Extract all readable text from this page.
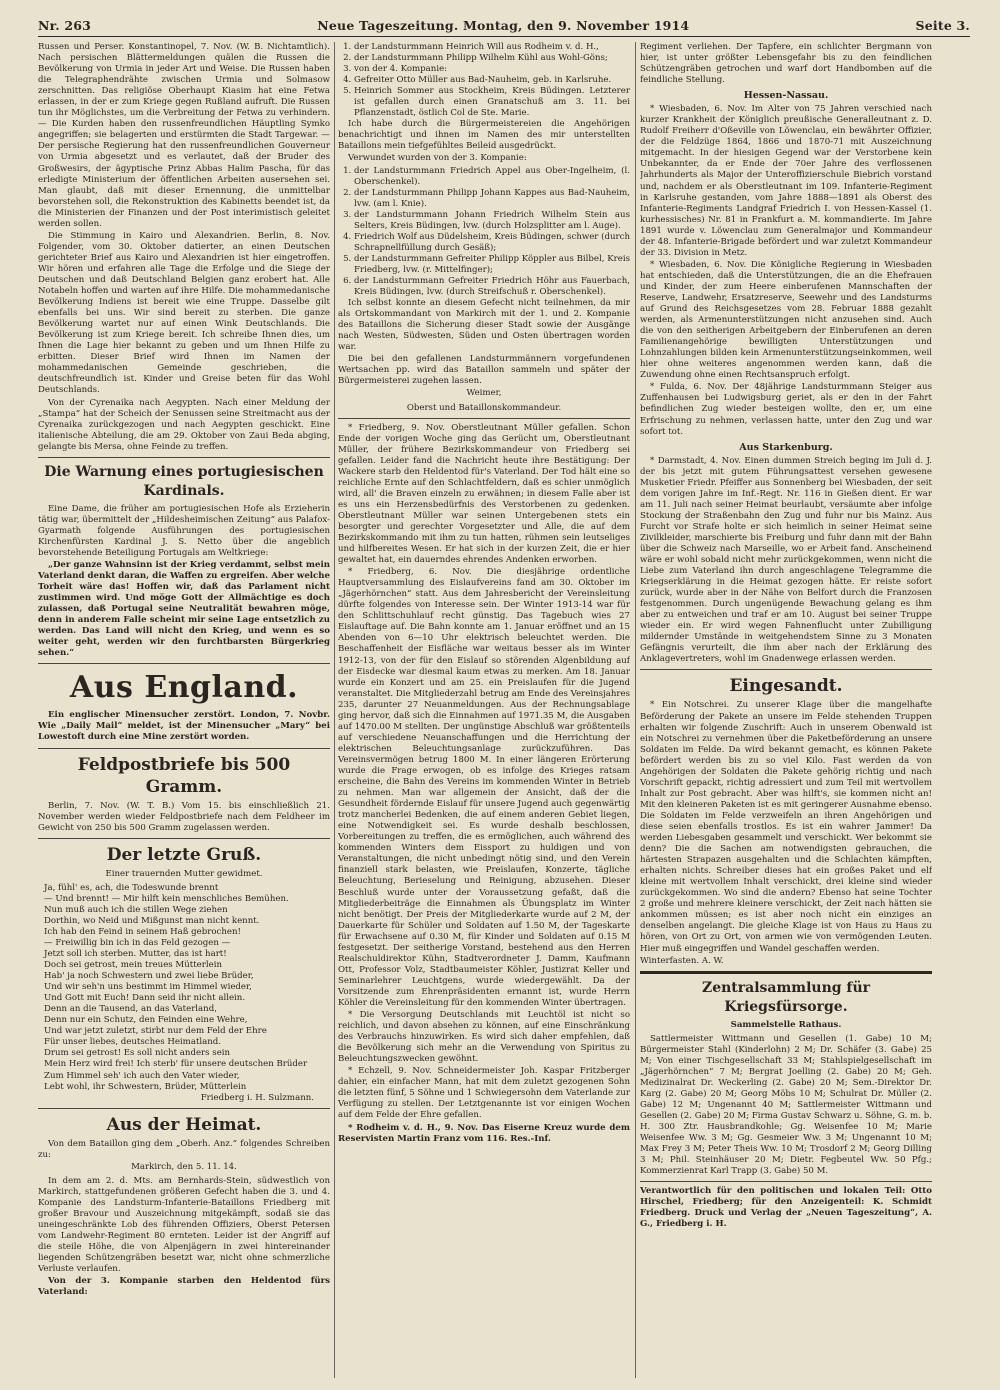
Nr. 263	Neue Tageszeitung. Montag, den 9. November 1914	Seite 3.

Russen und Perser. Konstantinopel, 7. Nov. (W. B. Nichtamtlich). Nach persischen Blättermeldungen quälen die Russen die Bevölkerung von Urmia in jeder Art und Weise. Die Russen haben die Telegraphendrähte zwischen Urmia und Solmasow zerschnitten. Das religiöse Oberhaupt Kiasim hat eine Fetwa erlassen, in der er zum Kriege gegen Rußland aufruft. Die Russen tun ihr Möglichstes, um die Verbreitung der Fetwa zu verhindern. — Die Kurden haben den russenfreundlichen Häuptling Symko angegriffen; sie belagerten und erstürmten die Stadt Targewar. — Der persische Regierung hat den russenfreundlichen Gouverneur von Urmia abgesetzt und es verlautet, daß der Bruder des Großwesirs, der ägyptische Prinz Abbas Halim Pascha, für das erledigte Ministerium der öffentlichen Arbeiten ausersehen sei. Man glaubt, daß mit dieser Ernennung, die unmittelbar bevorstehen soll, die Rekonstruktion des Kabinetts beendet ist, da die Ministerien der Finanzen und der Post interimistisch geleitet werden sollen.

Die Stimmung in Kairo und Alexandrien. Berlin, 8. Nov. Folgender, vom 30. Oktober datierter, an einen Deutschen gerichteter Brief aus Kairo und Alexandrien ist hier eingetroffen. Wir hören und erfahren alle Tage die Erfolge und die Siege der Deutschen und daß Deutschland Belgien ganz erobert hat. Alle Notabeln hoffen und warten auf ihre Hilfe. Die mohammedanische Bevölkerung Indiens ist bereit wie eine Truppe. Dasselbe gilt ebenfalls bei uns. Wir sind bereit zu sterben. Die ganze Bevölkerung wartet nur auf einen Wink Deutschlands. Die Bevölkerung ist zum Kriege bereit. Ich schreibe Ihnen dies, um Ihnen die Lage hier bekannt zu geben und um Ihnen Hilfe zu erbitten. Dieser Brief wird Ihnen im Namen der mohammedanischen Gemeinde geschrieben, die deutschfreundlich ist. Kinder und Greise beten für das Wohl Deutschlands.

Von der Cyrenaika nach Aegypten. Nach einer Meldung der „Stampa“ hat der Scheich der Senussen seine Streitmacht aus der Cyrenaika zurückgezogen und nach Aegypten geschickt. Eine italienische Abteilung, die am 29. Oktober von Zaui Beda abging, gelangte bis Mersa, ohne Feinde zu treffen.

Die Warnung eines portugiesischen Kardinals.

Eine Dame, die früher am portugiesischen Hofe als Erzieherin tätig war, übermittelt der „Hildesheimischen Zeitung“ aus Palafox-Gyarmath folgende Ausführungen des portugiesischen Kirchenfürsten Kardinal J. S. Netto über die angeblich bevorstehende Beteiligung Portugals am Weltkriege:

„Der ganze Wahnsinn ist der Krieg verdammt, selbst mein Vaterland denkt daran, die Waffen zu ergreifen. Aber welche Torheit wäre das! Hoffen wir, daß das Parlament nicht zustimmen wird. Und möge Gott der Allmächtige es doch zulassen, daß Portugal seine Neutralität bewahren möge, denn in anderem Falle scheint mir seine Lage entsetzlich zu werden. Das Land will nicht den Krieg, und wenn es so weiter geht, werden wir den furchtbarsten Bürgerkrieg sehen.“

Aus England.

Ein englischer Minensucher zerstört. London, 7. Novbr. Wie „Daily Mail“ meldet, ist der Minensucher „Mary“ bei Lowestoft durch eine Mine zerstört worden.

Feldpostbriefe bis 500 Gramm.

Berlin, 7. Nov. (W. T. B.) Vom 15. bis einschließlich 21. November werden wieder Feldpostbriefe nach dem Feldheer im Gewicht von 250 bis 500 Gramm zugelassen werden.

Der letzte Gruß.
Einer trauernden Mutter gewidmet.

Ja, fühl' es, ach, die Todeswunde brennt

— Und brennt! — Mir hilft kein menschliches Bemühen.

Nun muß auch ich die stillen Wege ziehen

Dorthin, wo Neid und Mißgunst man nicht kennt.

Ich hab den Feind in seinem Haß gebrochen!

— Freiwillig bin ich in das Feld gezogen —

Jetzt soll ich sterben. Mutter, das ist hart!

Doch sei getrost, mein treues Mütterlein

Hab' ja noch Schwestern und zwei liebe Brüder,

Und wir seh'n uns bestimmt im Himmel wieder,

Und Gott mit Euch! Dann seid ihr nicht allein.

Denn an die Tausend, an das Vaterland,

Denn nur ein Schutz, den Feinden eine Wehre,

Und war jetzt zuletzt, stirbt nur dem Feld der Ehre

Für unser liebes, deutsches Heimatland.

Drum sei getrost! Es soll nicht anders sein

Mein Herz wird frei! Ich sterb' für unsere deutschen Brüder

Zum Himmel seh' ich auch den Vater wieder,

Lebt wohl, ihr Schwestern, Brüder, Mütterlein

Friedberg i. H. Sulzmann.

Aus der Heimat.

Von dem Bataillon ging dem „Oberh. Anz.“ folgendes Schreiben zu:

Markirch, den 5. 11. 14.

In dem am 2. d. Mts. am Bernhards-Stein, südwestlich von Markirch, stattgefundenen größeren Gefecht haben die 3. und 4. Kompanie des Landsturm-Infanterie-Bataillons Friedberg mit großer Bravour und Auszeichnung mitgekämpft, sodaß sie das uneingeschränkte Lob des führenden Offiziers, Oberst Petersen vom Landwehr-Regiment 80 ernteten. Leider ist der Angriff auf die steile Höhe, die von Alpenjägern in zwei hintereinander liegenden Schützengräben besetzt war, nicht ohne schmerzliche Verluste verlaufen.

Von der 3. Kompanie starben den Heldentod fürs Vaterland:

1. der Landsturmmann Heinrich Will aus Rodheim v. d. H.,
2. der Landsturmmann Philipp Wilhelm Kühl aus Wohl-Göns;
3. von der 4. Kompanie:
4. Gefreiter Otto Müller aus Bad-Nauheim, geb. in Karlsruhe.
5. Heinrich Sommer aus Stockheim, Kreis Büdingen. Letzterer ist gefallen durch einen Granatschuß am 3. 11. bei Pflanzenstadt, östlich Col de Ste. Marie.

Ich habe durch die Bürgermeistereien die Angehörigen benachrichtigt und ihnen im Namen des mir unterstellten Bataillons mein tiefgefühltes Beileid ausgedrückt.

Verwundet wurden von der 3. Kompanie:

1. der Landsturmmann Friedrich Appel aus Ober-Ingelheim, (l. Oberschenkel).
2. der Landsturmmann Philipp Johann Kappes aus Bad-Nauheim, lvw. (am l. Knie).
3. der Landsturmmann Johann Friedrich Wilhelm Stein aus Selters, Kreis Büdingen, lvw. (durch Holzsplitter am l. Auge).
4. Friedrich Wolf aus Düdelsheim, Kreis Büdingen, schwer (durch Schrapnellfüllung durch Gesäß);
5. der Landsturmmann Gefreiter Philipp Köppler aus Bilbel, Kreis Friedberg, lvw. (r. Mittelfinger);
6. der Landsturmmann Gefreiter Friedrich Höhr aus Fauerbach, Kreis Büdingen, lvw. (durch Streifschuß r. Oberschenkel).

Ich selbst konnte an diesem Gefecht nicht teilnehmen, da mir als Ortskommandant von Markirch mit der 1. und 2. Kompanie des Bataillons die Sicherung dieser Stadt sowie der Ausgänge nach Westen, Südwesten, Süden und Osten übertragen worden war.

Die bei den gefallenen Landsturmmännern vorgefundenen Wertsachen pp. wird das Bataillon sammeln und später der Bürgermeisterei zugehen lassen.

Weimer,
Oberst und Bataillonskommandeur.

* Friedberg, 9. Nov. Oberstleutnant Müller gefallen. Schon Ende der vorigen Woche ging das Gerücht um, Oberstleutnant Müller, der frühere Bezirkskommandeur von Friedberg sei gefallen. Leider fand die Nachricht heute ihre Bestätigung: Der Wackere starb den Heldentod für's Vaterland. Der Tod hält eine so reichliche Ernte auf den Schlachtfeldern, daß es schier unmöglich wird, all' die Braven einzeln zu erwähnen; in diesem Falle aber ist es uns ein Herzensbedürfnis des Verstorbenen zu gedenken. Oberstleutnant Müller war seinen Untergebenen stets ein besorgter und gerechter Vorgesetzter und Alle, die auf dem Bezirkskommando mit ihm zu tun hatten, rühmen sein leutseliges und hilfbereites Wesen. Er hat sich in der kurzen Zeit, die er hier gewaltet hat, ein dauerndes ehrendes Andenken erworben.

* Friedberg, 6. Nov. Die diesjährige ordentliche Hauptversammlung des Eislaufvereins fand am 30. Oktober im „Jägerhörnchen“ statt. Aus dem Jahresbericht der Vereinsleitung dürfte folgendes von Interesse sein. Der Winter 1913-14 war für den Schlittschuhlauf recht günstig. Das Tagebuch wies 27 Eislauftage auf. Die Bahn konnte am 1. Januar eröffnet und an 15 Abenden von 6—10 Uhr elektrisch beleuchtet werden. Die Beschaffenheit der Eisfläche war weitaus besser als im Winter 1912-13, von der für den Eislauf so störenden Algenbildung auf der Eisdecke war diesmal kaum etwas zu merken. Am 18. Januar wurde ein Konzert und am 25. ein Preislaufen für die Jugend veranstaltet. Die Mitgliederzahl betrug am Ende des Vereinsjahres 235, darunter 27 Neuanmeldungen. Aus der Rechnungsablage ging hervor, daß sich die Einnahmen auf 1971.35 M, die Ausgaben auf 1470.00 M stellten. Der ungünstige Abschluß war größtenteils auf verschiedene Neuanschaffungen und die Herrichtung der elektrischen Beleuchtungsanlage zurückzuführen. Das Vereinsvermögen betrug 1800 M. In einer längeren Erörterung wurde die Frage erwogen, ob es infolge des Krieges ratsam erscheine, die Bahn des Vereins im kommenden Winter in Betrieb zu nehmen. Man war allgemein der Ansicht, daß der die Gesundheit fördernde Eislauf für unsere Jugend auch gegenwärtig trotz mancherlei Bedenken, die auf einem anderen Gebiet liegen, eine Notwendigkeit sei. Es wurde deshalb beschlossen, Vorbereitungen zu treffen, die es ermöglichen, auch während des kommenden Winters dem Eissport zu huldigen und von Veranstaltungen, die nicht unbedingt nötig sind, und den Verein finanziell stark belasten, wie Preislaufen, Konzerte, tägliche Beleuchtung, Berieselung und Reinigung, abzusehen. Dieser Beschluß wurde unter der Voraussetzung gefaßt, daß die Mitgliederbeiträge die Einnahmen als Übungsplatz im Winter nicht benötigt. Der Preis der Mitgliederkarte wurde auf 2 M, der Dauerkarte für Schüler und Soldaten auf 1.50 M, der Tageskarte für Erwachsene auf 0.30 M, für Kinder und Soldaten auf 0.15 M festgesetzt. Der seitherige Vorstand, bestehend aus den Herren Realschuldirektor Kühn, Stadtverordneter J. Damm, Kaufmann Ott, Professor Volz, Stadtbaumeister Köhler, Justizrat Keller und Seminarlehrer Leuchtgens, wurde wiedergewählt. Da der Vorsitzende zum Ehrenpräsidenten ernannt ist, wurde Herrn Köhler die Vereinsleitung für den kommenden Winter übertragen.

* Die Versorgung Deutschlands mit Leuchtöl ist nicht so reichlich, und davon absehen zu können, auf eine Einschränkung des Verbrauchs hinzuwirken. Es wird sich daher empfehlen, daß die Bevölkerung sich mehr an die Verwendung von Spiritus zu Beleuchtungszwecken gewöhnt.

* Echzell, 9. Nov. Schneidermeister Joh. Kaspar Fritzberger dahier, ein einfacher Mann, hat mit dem zuletzt gezogenen Sohn die letzten fünf, 5 Söhne und 1 Schwiegersohn dem Vaterlande zur Verfügung zu stellen. Der Letztgenannte ist vor einigen Wochen auf dem Felde der Ehre gefallen.

* Rodheim v. d. H., 9. Nov. Das Eiserne Kreuz wurde dem Reservisten Martin Franz vom 116. Res.-Inf.

Regiment verliehen. Der Tapfere, ein schlichter Bergmann von hier, ist unter größter Lebensgefahr bis zu den feindlichen Schützengräben getrochen und warf dort Handbomben auf die feindliche Stellung.

Hessen-Nassau.

* Wiesbaden, 6. Nov. Im Alter von 75 Jahren verschied nach kurzer Krankheit der Königlich preußische Generalleutnant z. D. Rudolf Freiherr d'Oßeville von Löwenclau, ein bewährter Offizier, der die Feldzüge 1864, 1866 und 1870-71 mit Auszeichnung mitgemacht. In der hiesigen Gegend war der Verstorbene kein Unbekannter, da er Ende der 70er Jahre des verflossenen Jahrhunderts als Major der Unteroffizierschule Biebrich vorstand und, nachdem er als Oberstleutnant im 109. Infanterie-Regiment in Karlsruhe gestanden, vom Jahre 1888—1891 als Oberst des Infanterie-Regiments Landgraf Friedrich I. von Hessen-Kassel (1. kurhessisches) Nr. 81 in Frankfurt a. M. kommandierte. Im Jahre 1891 wurde v. Löwenclau zum Generalmajor und Kommandeur der 48. Infanterie-Brigade befördert und war zuletzt Kommandeur der 33. Division in Metz.

* Wiesbaden, 6. Nov. Die Königliche Regierung in Wiesbaden hat entschieden, daß die Unterstützungen, die an die Ehefrauen und Kinder, der zum Heere einberufenen Mannschaften der Reserve, Landwehr, Ersatzreserve, Seewehr und des Landsturms auf Grund des Reichsgesetzes vom 28. Februar 1888 gezahlt werden, als Armenunterstützungen nicht anzusehen sind. Auch die von den seitherigen Arbeitgebern der Einberufenen an deren Familienangehörige bewilligten Unterstützungen und Lohnzahlungen bilden kein Armenunterstützungseinkommen, weil hier ohne weiteres angenommen werden kann, daß die Zuwendung ohne einen Rechtsanspruch erfolgt.

* Fulda, 6. Nov. Der 48jährige Landsturmmann Steiger aus Zuffenhausen bei Ludwigsburg geriet, als er den in der Fahrt befindlichen Zug wieder besteigen wollte, den er, um eine Erfrischung zu nehmen, verlassen hatte, unter den Zug und war sofort tot.

Aus Starkenburg.

* Darmstadt, 4. Nov. Einen dummen Streich beging im Juli d. J. der bis jetzt mit gutem Führungsattest versehen gewesene Musketier Friedr. Pfeiffer aus Sonnenberg bei Wiesbaden, der seit dem vorigen Jahre im Inf.-Regt. Nr. 116 in Gießen dient. Er war am 11. Juli nach seiner Heimat beurlaubt, versäumte aber infolge Stockung der Straßenbahn den Zug und fuhr nur bis Mainz. Aus Furcht vor Strafe holte er sich heimlich in seiner Heimat seine Zivilkleider, marschierte bis Freiburg und fuhr dann mit der Bahn über die Schweiz nach Marseille, wo er Arbeit fand. Anscheinend wäre er wohl sobald nicht mehr zurückgekommen, wenn nicht die Liebe zum Vaterland ihn durch angeschlagene Telegramme die Kriegserklärung in die Heimat gezogen hätte. Er reiste sofort zurück, wurde aber in der Nähe von Belfort durch die Franzosen festgenommen. Durch ungenügende Bewachung gelang es ihm aber zu entweichen und traf er am 10. August bei seiner Truppe wieder ein. Er wird wegen Fahnenflucht unter Zubilligung mildernder Umstände in weitgehendstem Sinne zu 3 Monaten Gefängnis verurteilt, die ihm aber nach der Erklärung des Anklagevertreters, wohl im Gnadenwege erlassen werden.

Eingesandt.

* Ein Notschrei. Zu unserer Klage über die mangelhafte Beförderung der Pakete an unsere im Felde stehenden Truppen erhalten wir folgende Zuschrift: Auch in unserem Obenwald ist ein Notschrei zu vernehmen über die Paketbeförderung an unsere Soldaten im Felde. Da wird bekannt gemacht, es können Pakete befördert werden bis zu so viel Kilo. Fast werden da von Angehörigen der Soldaten die Pakete gehörig richtig und nach Vorschrift gepackt, richtig adressiert und zum Teil mit wertvollem Inhalt zur Post gebracht. Aber was hilft's, sie kommen nicht an! Mit den kleineren Paketen ist es mit geringerer Ausnahme ebenso. Die Soldaten im Felde verzweifeln an ihren Angehörigen und diese seien ebenfalls trostlos. Es ist ein wahrer Jammer! Da werden Liebesgaben gesammelt und verschickt. Wer bekommt sie denn? Die die Sachen am notwendigsten gebrauchen, die härtesten Strapazen ausgehalten und die Schlachten kämpften, erhalten nichts. Schreiber dieses hat ein großes Paket und elf kleine mit wertvollem Inhalt verschickt, drei kleine sind wieder zurückgekommen. Wo sind die andern? Ebenso hat seine Tochter 2 große und mehrere kleinere verschickt, der Zeit nach hätten sie ankommen müssen; es ist aber noch nicht ein einziges an denselben angelangt. Die gleiche Klage ist von Haus zu Haus zu hören, von Ort zu Ort, von armen wie von vermögenden Leuten. Hier muß eingegriffen und Wandel geschaffen werden.

Winterfasten. A. W.

Zentralsammlung für Kriegsfürsorge.
Sammelstelle Rathaus.

Sattlermeister Wittmann und Gesellen (1. Gabe) 10 M; Bürgermeister Stahl (Kinderlohn) 2 M; Dr. Schäfer (3. Gabe) 25 M; Von einer Tischgesellschaft 33 M; Stahlspielgesellschaft im „Jägerhörnchen“ 7 M; Bergrat Joelling (2. Gabe) 20 M; Geh. Medizinalrat Dr. Weckerling (2. Gabe) 20 M; Sem.-Direktor Dr. Karg (2. Gabe) 20 M; Georg Möbs 10 M; Schulrat Dr. Müller (2. Gabe) 12 M; Ungenannt 40 M; Sattlermeister Wittmann und Gesellen (2. Gabe) 20 M; Firma Gustav Schwarz u. Söhne, G. m. b. H. 300 Ztr. Hausbrandkohle; Gg. Weisenfee 10 M; Marie Weisenfee Ww. 3 M; Gg. Gesmeier Ww. 3 M; Ungenannt 10 M; Max Frey 3 M; Peter Theis Ww. 10 M; Trosdorf 2 M; Georg Dilling 3 M; Phil. Steinhäuser 20 M; Dietr. Fegbeutel Ww. 50 Pfg.; Kommerzienrat Karl Trapp (3. Gabe) 50 M.

Verantwortlich für den politischen und lokalen Teil: Otto Hirschel, Friedberg; für den Anzeigenteil: K. Schmidt Friedberg. Druck und Verlag der „Neuen Tageszeitung“, A. G., Friedberg i. H.
